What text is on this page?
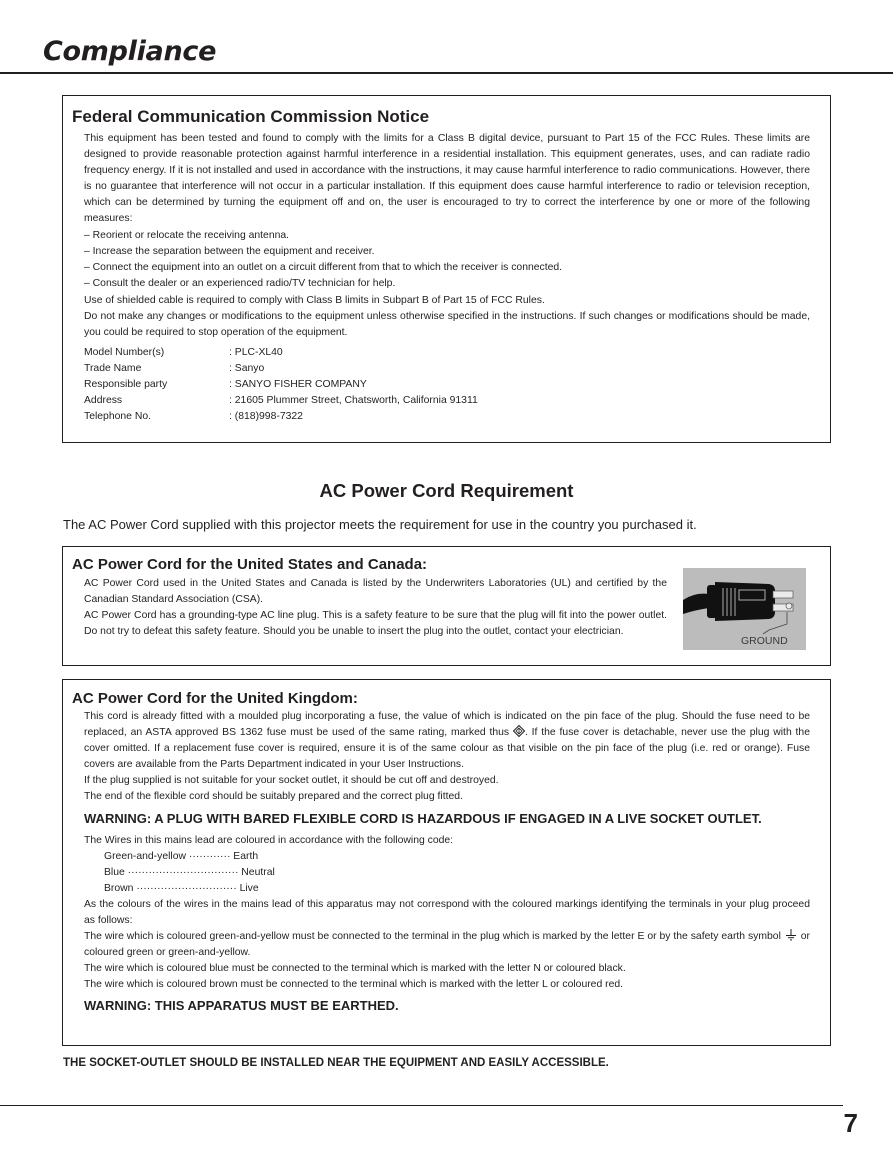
Compliance
Federal Communication Commission Notice

This equipment has been tested and found to comply with the limits for a Class B digital device, pursuant to Part 15 of the FCC Rules. These limits are designed to provide reasonable protection against harmful interference in a residential installation. This equipment generates, uses, and can radiate radio frequency energy. If it is not installed and used in accordance with the instructions, it may cause harmful interference to radio communications. However, there is no guarantee that interference will not occur in a particular installation. If this equipment does cause harmful interference to radio or television reception, which can be determined by turning the equipment off and on, the user is encouraged to try to correct the interference by one or more of the following measures:

– Reorient or relocate the receiving antenna.

– Increase the separation between the equipment and receiver.

– Connect the equipment into an outlet on a circuit different from that to which the receiver is connected.

– Consult the dealer or an experienced radio/TV technician for help.

Use of shielded cable is required to comply with Class B limits in Subpart B of Part 15 of FCC Rules.

Do not make any changes or modifications to the equipment unless otherwise specified in the instructions. If such changes or modifications should be made, you could be required to stop operation of the equipment.

Model Number(s)	: PLC-XL40
Trade Name	: Sanyo
Responsible party	: SANYO FISHER COMPANY
Address	: 21605 Plummer Street, Chatsworth, California 91311
Telephone No.	: (818)998-7322
AC Power Cord Requirement

The AC Power Cord supplied with this projector meets the requirement for use in the country you purchased it.

AC Power Cord for the United States and Canada:

AC Power Cord used in the United States and Canada is listed by the Underwriters Laboratories (UL) and certified by the Canadian Standard Association (CSA).

AC Power Cord has a grounding-type AC line plug. This is a safety feature to be sure that the plug will fit into the power outlet. Do not try to defeat this safety feature. Should you be unable to insert the plug into the outlet, contact your electrician.

GROUND
AC Power Cord for the United Kingdom:

This cord is already fitted with a moulded plug incorporating a fuse, the value of which is indicated on the pin face of the plug. Should the fuse need to be replaced, an ASTA approved BS 1362 fuse must be used of the same rating, marked thus . If the fuse cover is detachable, never use the plug with the cover omitted. If a replacement fuse cover is required, ensure it is of the same colour as that visible on the pin face of the plug (i.e. red or orange). Fuse covers are available from the Parts Department indicated in your User Instructions.

If the plug supplied is not suitable for your socket outlet, it should be cut off and destroyed.

The end of the flexible cord should be suitably prepared and the correct plug fitted.

WARNING: A PLUG WITH BARED FLEXIBLE CORD IS HAZARDOUS IF ENGAGED IN A LIVE SOCKET OUTLET.

The Wires in this mains lead are coloured in accordance with the following code:

Green-and-yellow ············ Earth

Blue ································ Neutral

Brown ····························· Live

As the colours of the wires in the mains lead of this apparatus may not correspond with the coloured markings identifying the terminals in your plug proceed as follows:

The wire which is coloured green-and-yellow must be connected to the terminal in the plug which is marked by the letter E or by the safety earth symbol  or coloured green or green-and-yellow.

The wire which is coloured blue must be connected to the terminal which is marked with the letter N or coloured black.

The wire which is coloured brown must be connected to the terminal which is marked with the letter L or coloured red.

WARNING: THIS APPARATUS MUST BE EARTHED.

THE SOCKET-OUTLET SHOULD BE INSTALLED NEAR THE EQUIPMENT AND EASILY ACCESSIBLE.

7
